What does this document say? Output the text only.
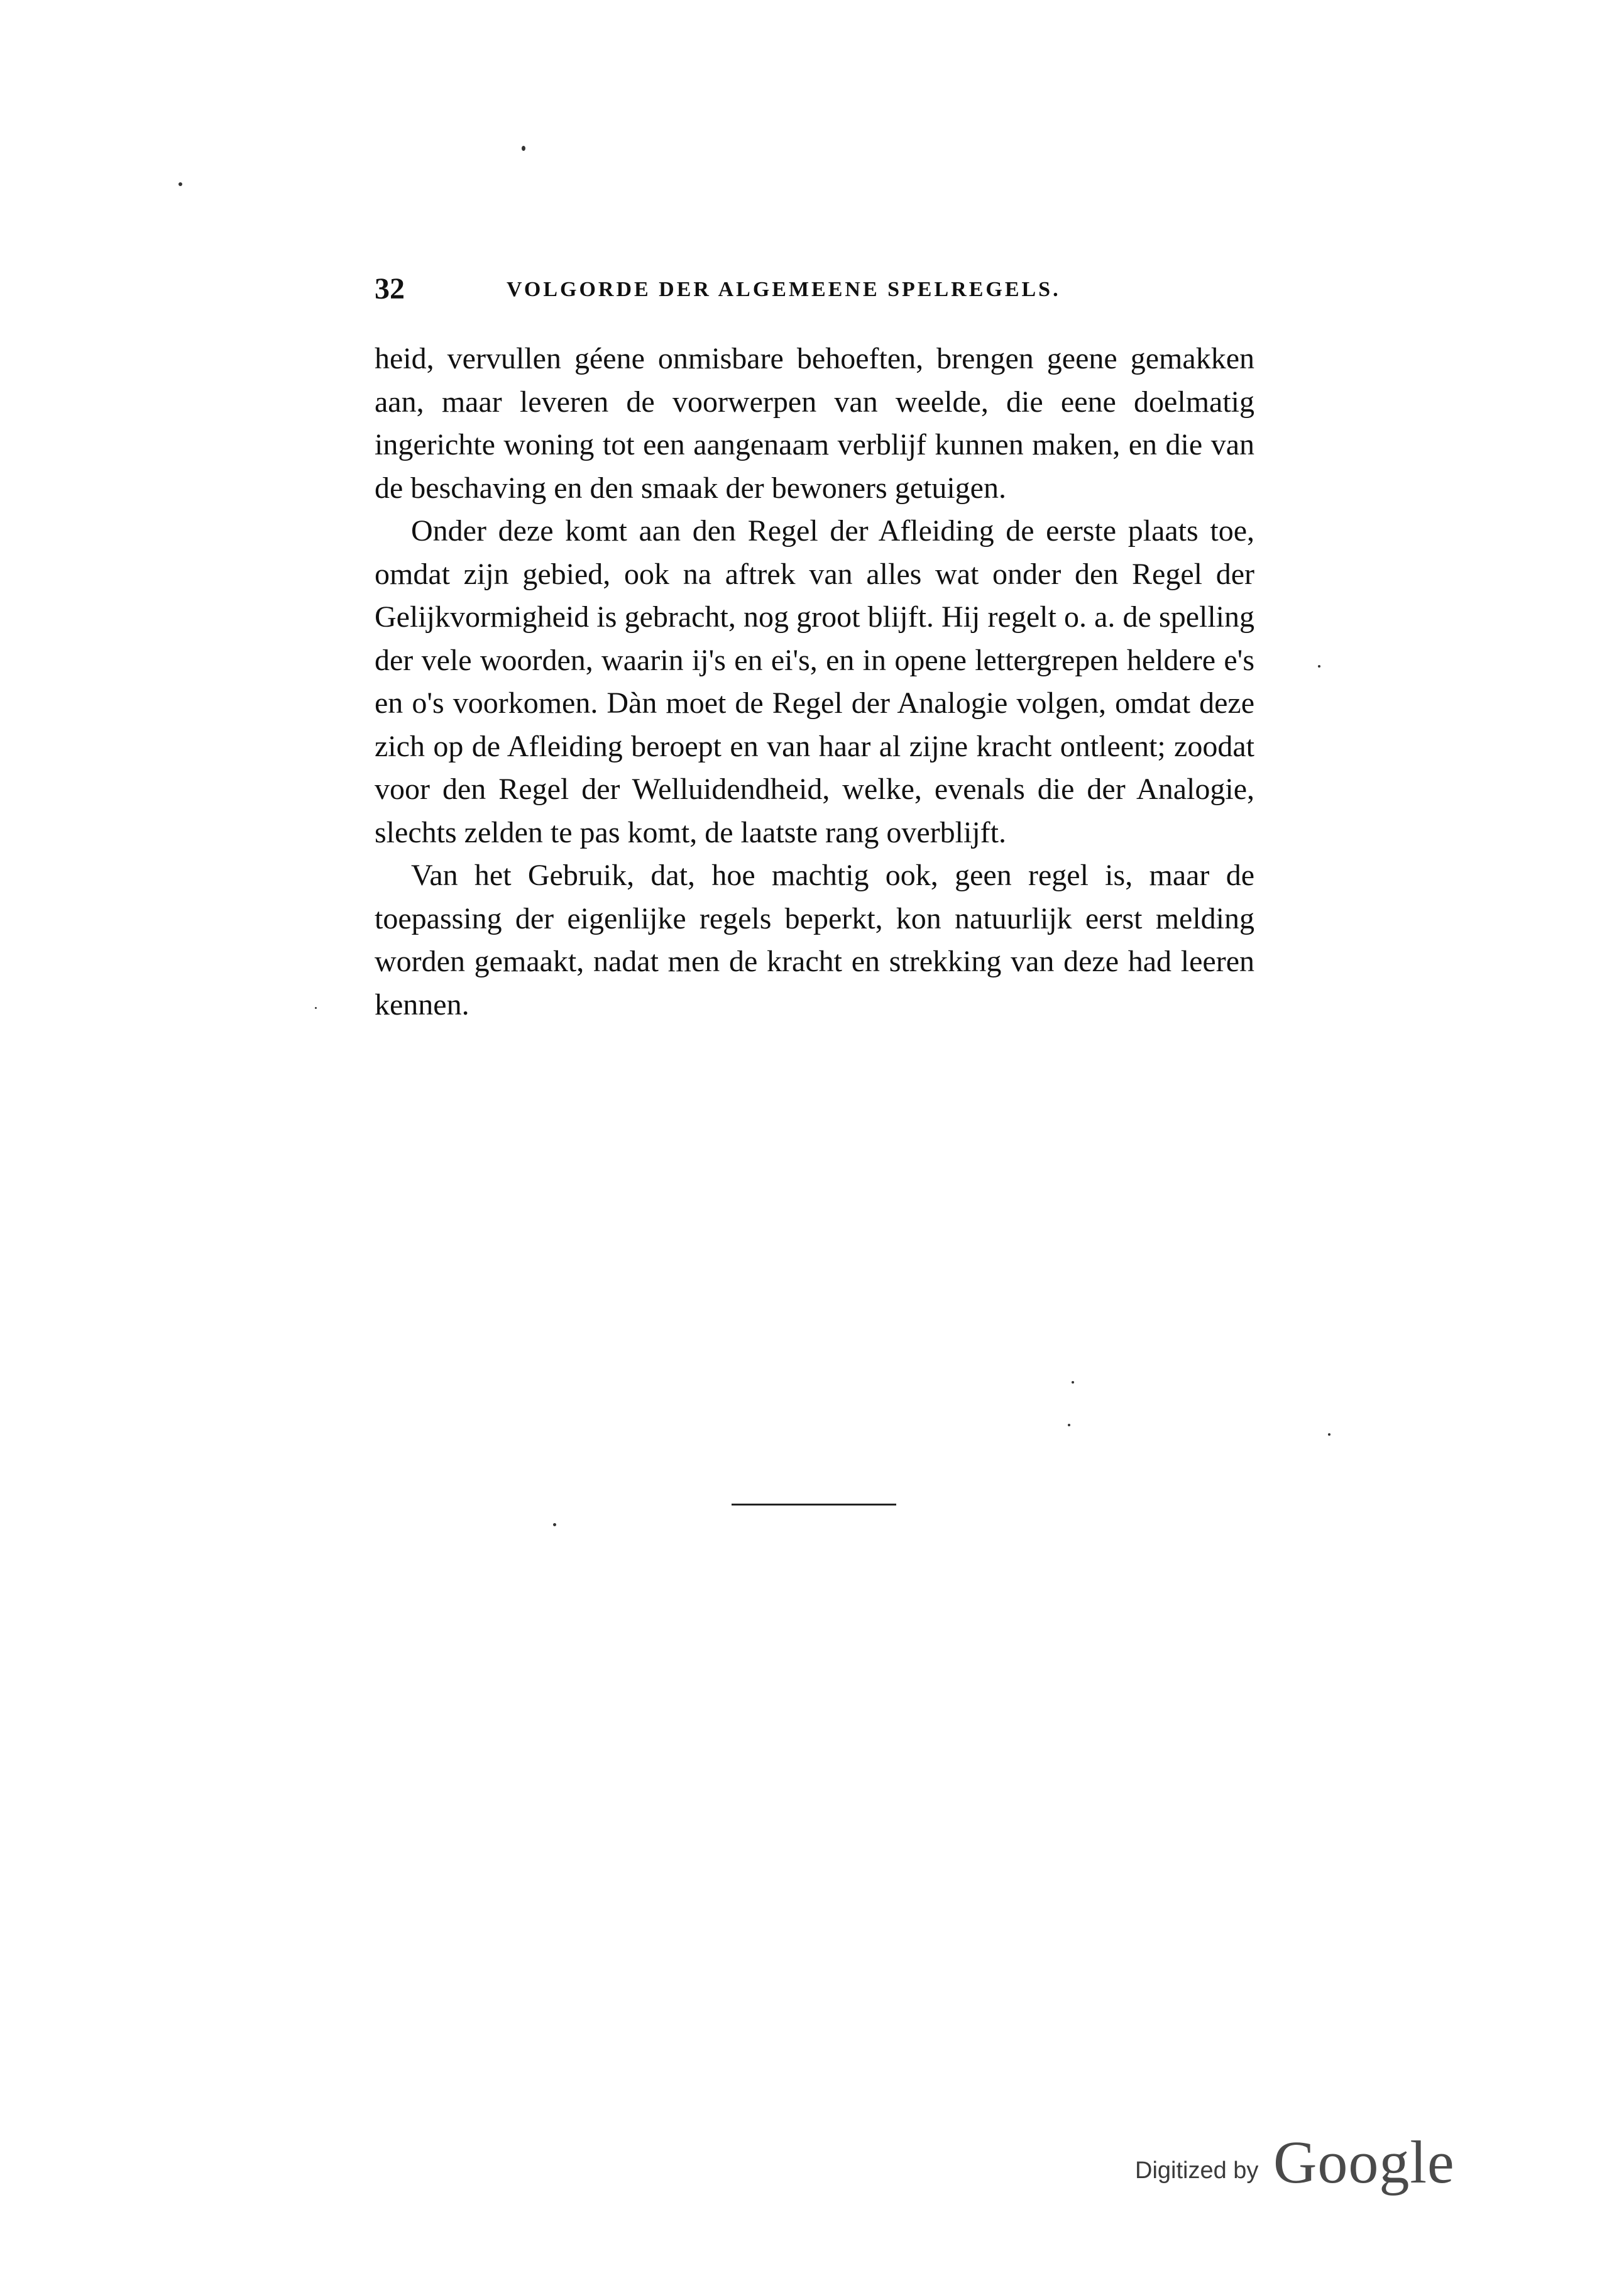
32	VOLGORDE DER ALGEMEENE SPELREGELS.

heid, vervullen géene onmisbare behoeften, brengen geene gemakken aan, maar leveren de voorwerpen van weelde, die eene doelmatig ingerichte woning tot een aangenaam verblijf kunnen maken, en die van de beschaving en den smaak der bewoners getuigen.

Onder deze komt aan den Regel der Afleiding de eerste plaats toe, omdat zijn gebied, ook na aftrek van alles wat onder den Regel der Gelijkvormigheid is gebracht, nog groot blijft. Hij regelt o. a. de spelling der vele woorden, waarin ij's en ei's, en in opene lettergrepen heldere e's en o's voorkomen. Dàn moet de Regel der Analogie volgen, omdat deze zich op de Afleiding beroept en van haar al zijne kracht ontleent; zoodat voor den Regel der Welluidendheid, welke, evenals die der Analogie, slechts zelden te pas komt, de laatste rang overblijft.

Van het Gebruik, dat, hoe machtig ook, geen regel is, maar de toepassing der eigenlijke regels beperkt, kon natuurlijk eerst melding worden gemaakt, nadat men de kracht en strekking van deze had leeren kennen.

Digitized by Google
